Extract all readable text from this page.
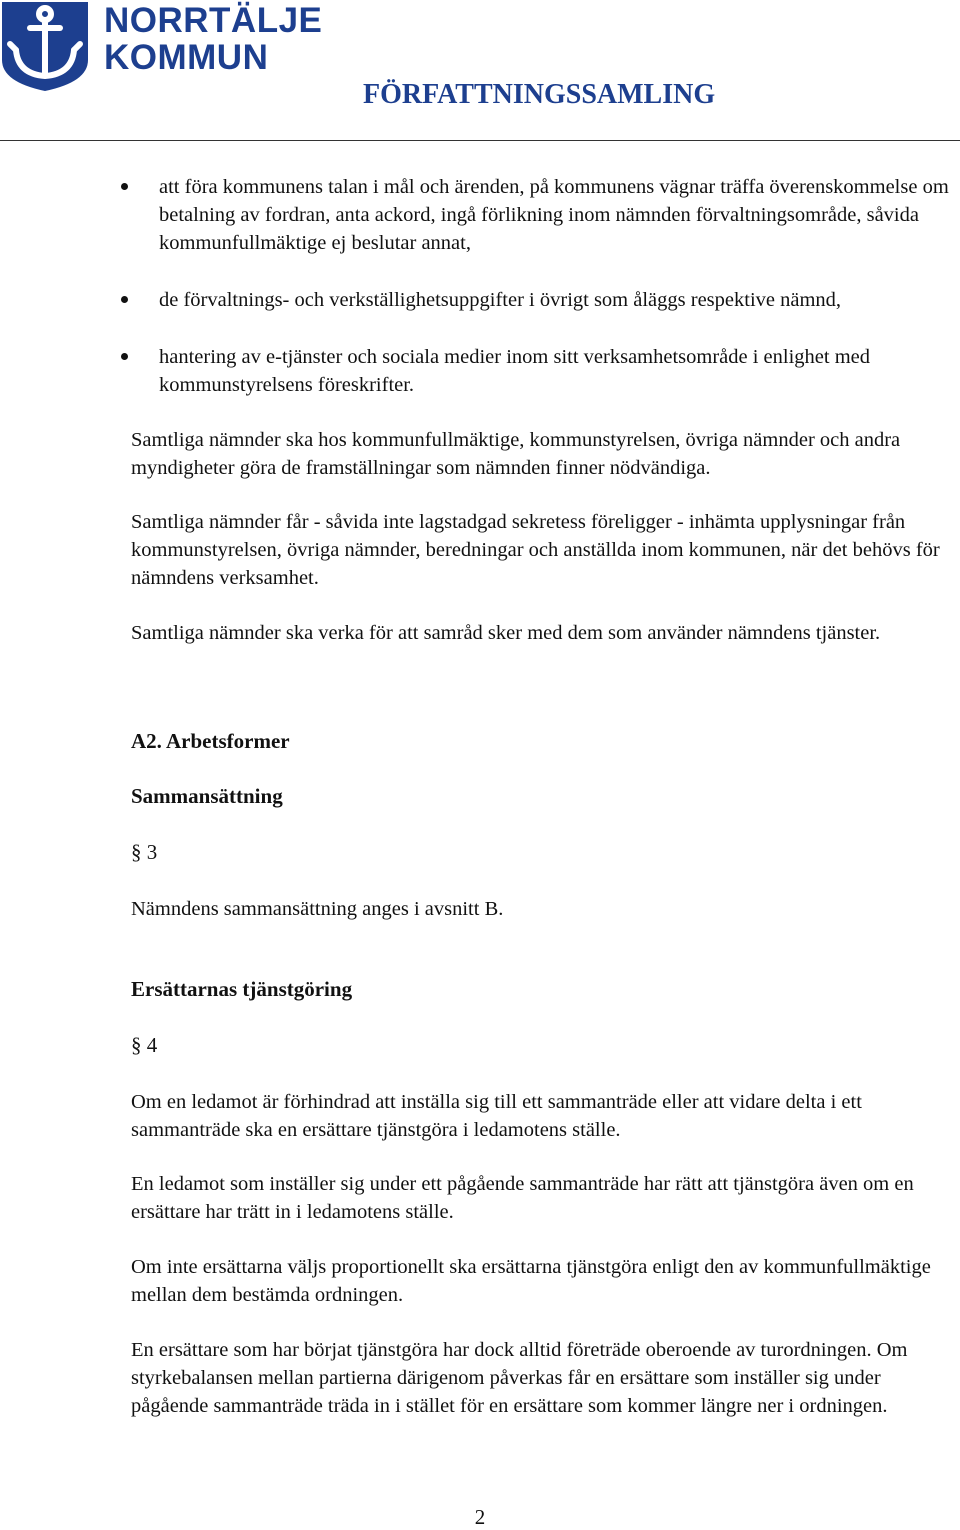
NORRTÄLJE
KOMMUN
FÖRFATTNINGSSAMLING
att föra kommunens talan i mål och ärenden, på kommunens vägnar träffa överenskommelse om betalning av fordran, anta ackord, ingå förlikning inom nämnden förvaltningsområde, såvida kommunfullmäktige ej beslutar annat,
de förvaltnings- och verkställighetsuppgifter i övrigt som åläggs respektive nämnd,
hantering av e-tjänster och sociala medier inom sitt verksamhetsområde i enlighet med kommunstyrelsens föreskrifter.
Samtliga nämnder ska hos kommunfullmäktige, kommunstyrelsen, övriga nämnder och andra myndigheter göra de framställningar som nämnden finner nödvändiga.
Samtliga nämnder får - såvida inte lagstadgad sekretess föreligger - inhämta upplysningar från kommunstyrelsen, övriga nämnder, beredningar och anställda inom kommunen, när det behövs för nämndens verksamhet.
Samtliga nämnder ska verka för att samråd sker med dem som använder nämndens tjänster.
A2. Arbetsformer
Sammansättning
§ 3
Nämndens sammansättning anges i avsnitt B.
Ersättarnas tjänstgöring
§ 4
Om en ledamot är förhindrad att inställa sig till ett sammanträde eller att vidare delta i ett sammanträde ska en ersättare tjänstgöra i ledamotens ställe.
En ledamot som inställer sig under ett pågående sammanträde har rätt att tjänstgöra även om en ersättare har trätt in i ledamotens ställe.
Om inte ersättarna väljs proportionellt ska ersättarna tjänstgöra enligt den av kommunfullmäktige mellan dem bestämda ordningen.
En ersättare som har börjat tjänstgöra har dock alltid företräde oberoende av turordningen. Om styrkebalansen mellan partierna därigenom påverkas får en ersättare som inställer sig under pågående sammanträde träda in i stället för en ersättare som kommer längre ner i ordningen.
2
